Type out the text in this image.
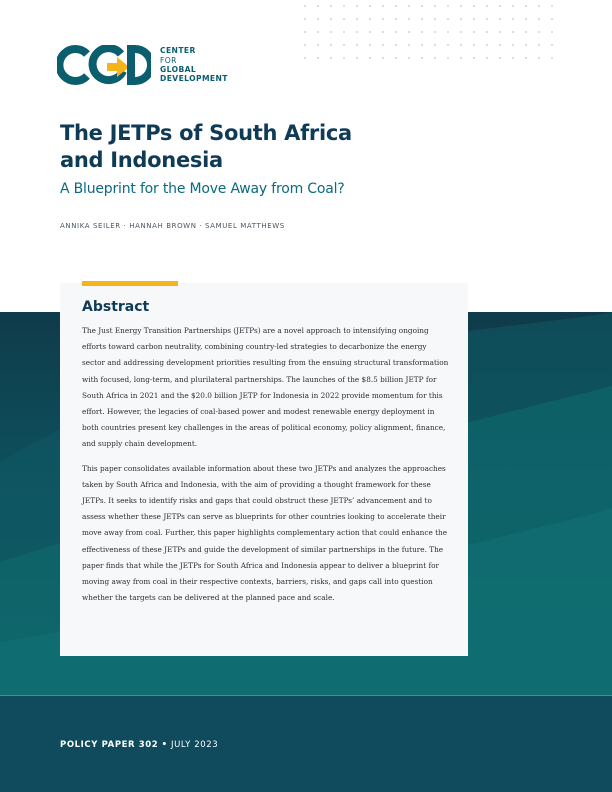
CENTER
FOR
GLOBAL
DEVELOPMENT
The JETPs of South Africa
and Indonesia
A Blueprint for the Move Away from Coal?
ANNIKA SEILER · HANNAH BROWN · SAMUEL MATTHEWS
POLICY PAPER 302 • JULY 2023
Abstract

The Just Energy Transition Partnerships (JETPs) are a novel approach to intensifying ongoing efforts toward carbon neutrality, combining country-led strategies to decarbonize the energy sector and addressing development priorities resulting from the ensuing structural transformation with focused, long-term, and plurilateral partnerships. The launches of the $8.5 billion JETP for South Africa in 2021 and the $20.0 billion JETP for Indonesia in 2022 provide momentum for this effort. However, the legacies of coal-based power and modest renewable energy deployment in both countries present key challenges in the areas of political economy, policy alignment, finance, and supply chain development.

This paper consolidates available information about these two JETPs and analyzes the approaches taken by South Africa and Indonesia, with the aim of providing a thought framework for these JETPs. It seeks to identify risks and gaps that could obstruct these JETPs’ advancement and to assess whether these JETPs can serve as blueprints for other countries looking to accelerate their move away from coal. Further, this paper highlights complementary action that could enhance the effectiveness of these JETPs and guide the development of similar partnerships in the future. The paper finds that while the JETPs for South Africa and Indonesia appear to deliver a blueprint for moving away from coal in their respective contexts, barriers, risks, and gaps call into question whether the targets can be delivered at the planned pace and scale.
